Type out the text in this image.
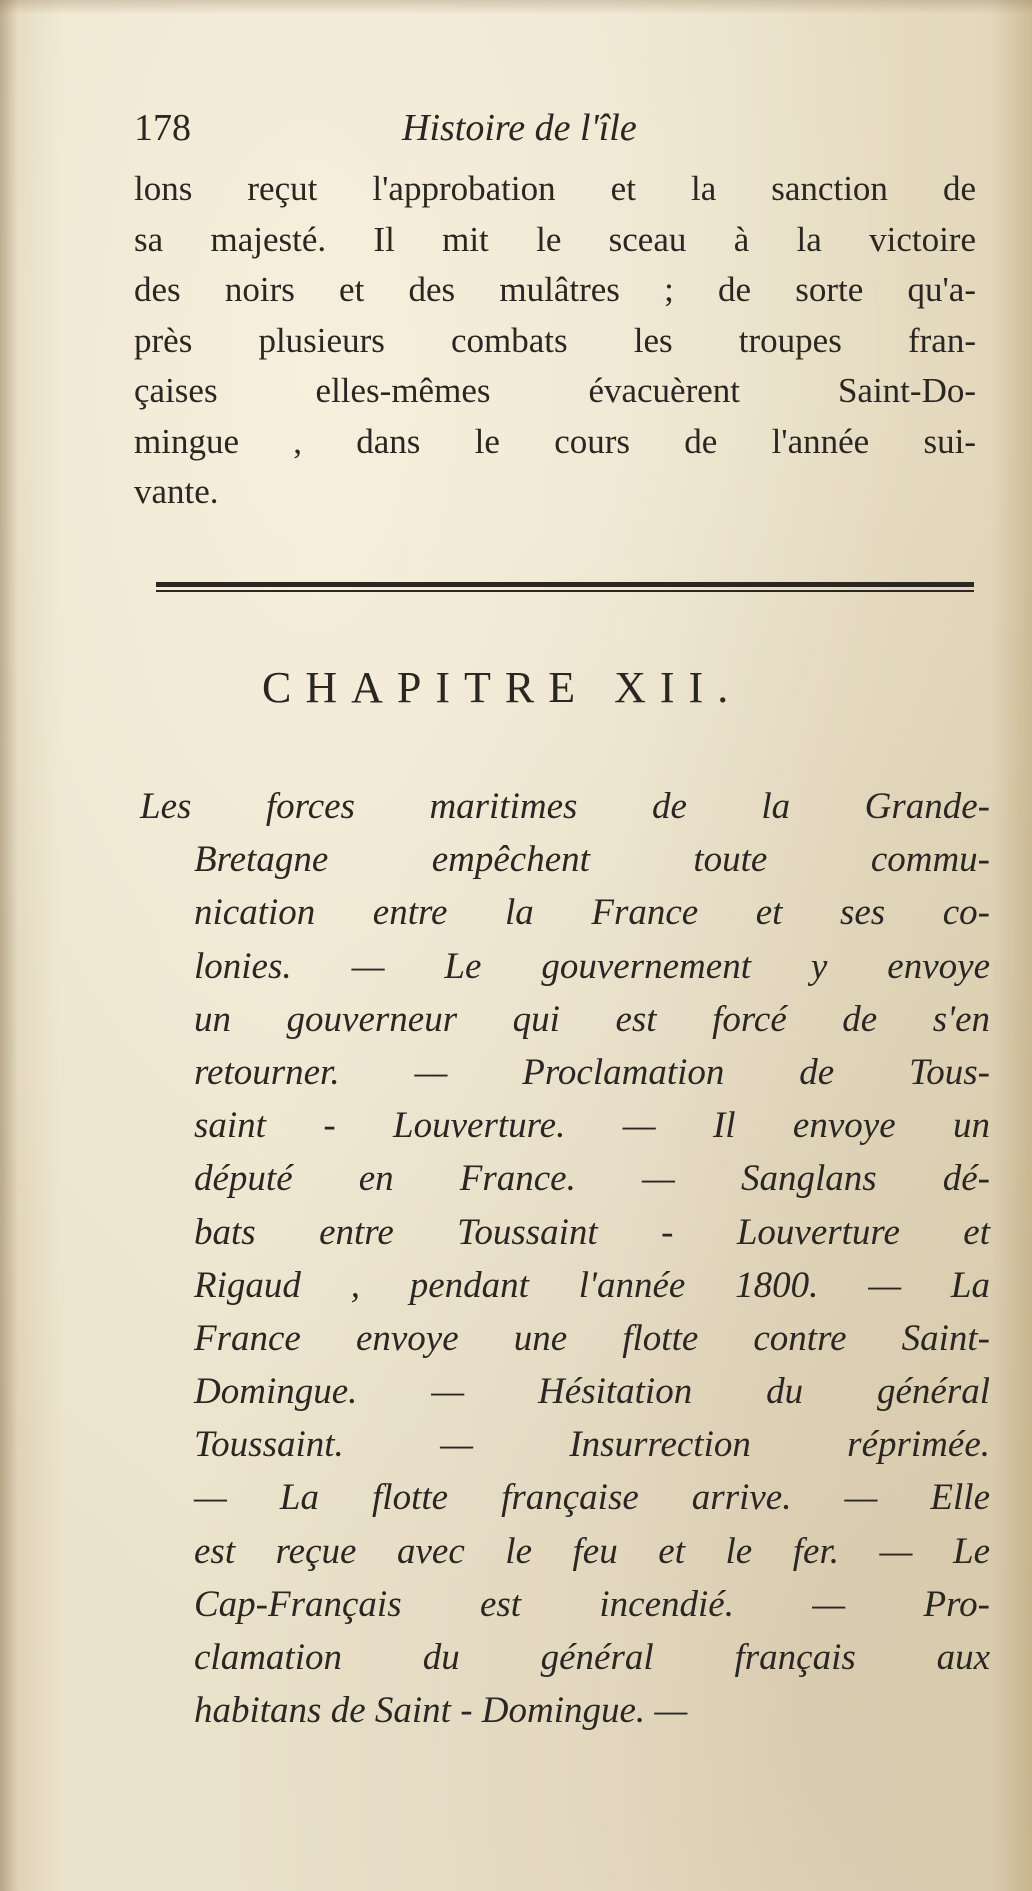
178	Histoire de l'île
lons reçut l'approbation et la sanction de
sa majesté. Il mit le sceau à la victoire
des noirs et des mulâtres ; de sorte qu'a-
près plusieurs combats les troupes fran-
çaises elles-mêmes évacuèrent Saint-Do-
mingue , dans le cours de l'année sui-
vante.
CHAPITRE XII.
Les forces maritimes de la Grande-
Bretagne empêchent toute commu-
nication entre la France et ses co-
lonies. — Le gouvernement y envoye
un gouverneur qui est forcé de s'en
retourner. — Proclamation de Tous-
saint - Louverture. — Il envoye un
député en France. — Sanglans dé-
bats entre Toussaint - Louverture et
Rigaud , pendant l'année 1800. — La
France envoye une flotte contre Saint-
Domingue. — Hésitation du général
Toussaint. — Insurrection réprimée.
— La flotte française arrive. — Elle
est reçue avec le feu et le fer. — Le
Cap-Français est incendié. — Pro-
clamation du général français aux
habitans de Saint - Domingue. —
